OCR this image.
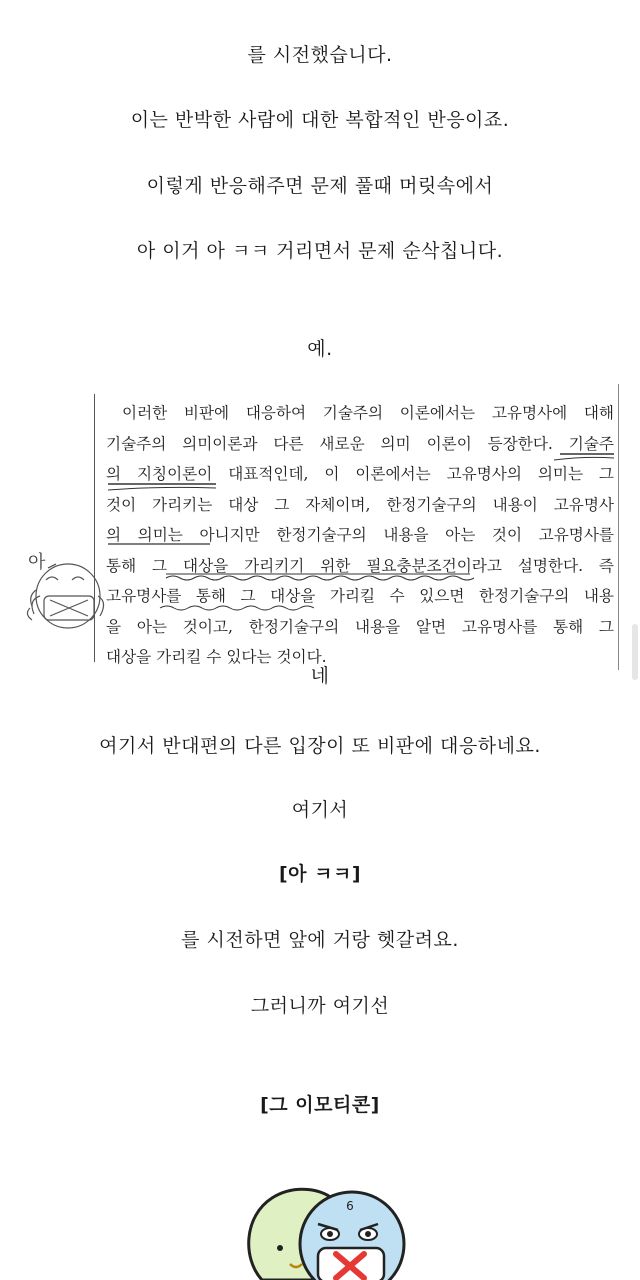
를 시전했습니다.
이는 반박한 사람에 대한 복합적인 반응이죠.
이렇게 반응해주면 문제 풀때 머릿속에서
아 이거 아 ㅋㅋ 거리면서 문제 순삭칩니다.
예.
이러한 비판에 대응하여 기술주의 이론에서는 고유명사에 대해
기술주의 의미이론과 다른 새로운 의미 이론이 등장한다. 기술주
의 지칭이론이 대표적인데, 이 이론에서는 고유명사의 의미는 그
것이 가리키는 대상 그 자체이며, 한정기술구의 내용이 고유명사
의 의미는 아니지만 한정기술구의 내용을 아는 것이 고유명사를
통해 그 대상을 가리키기 위한 필요충분조건이라고 설명한다. 즉
고유명사를 통해 그 대상을 가리킬 수 있으면 한정기술구의 내용
을 아는 것이고, 한정기술구의 내용을 알면 고유명사를 통해 그
대상을 가리킬 수 있다는 것이다.
아
네
여기서 반대편의 다른 입장이 또 비판에 대응하네요.
여기서
[아 ㅋㅋ]
를 시전하면 앞에 거랑 헷갈려요.
그러니까 여기선
[그 이모티콘]
6
